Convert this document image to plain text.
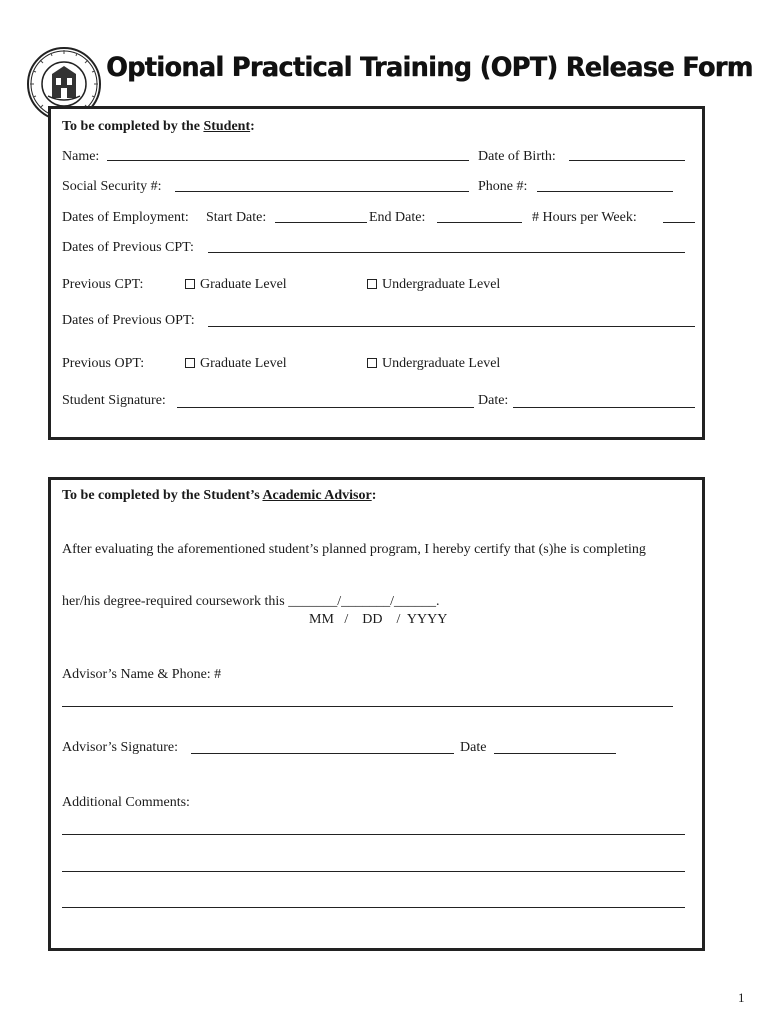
Optional Practical Training (OPT) Release Form
To be completed by the Student:
Name:	Date of Birth:
Social Security #:	Phone #:
Dates of Employment: Start Date:	End Date:	# Hours per Week:
Dates of Previous CPT:
Previous CPT:	Graduate Level	Undergraduate Level
Dates of Previous OPT:
Previous OPT:	Graduate Level	Undergraduate Level
Student Signature:	Date:
To be completed by the Student’s Academic Advisor:
After evaluating the aforementioned student’s planned program, I hereby certify that (s)he is completing
her/his degree-required coursework this _______/_______/______.
MM   /    DD    /  YYYY
Advisor’s Name & Phone: #
Advisor’s Signature:	Date
Additional Comments:
1
